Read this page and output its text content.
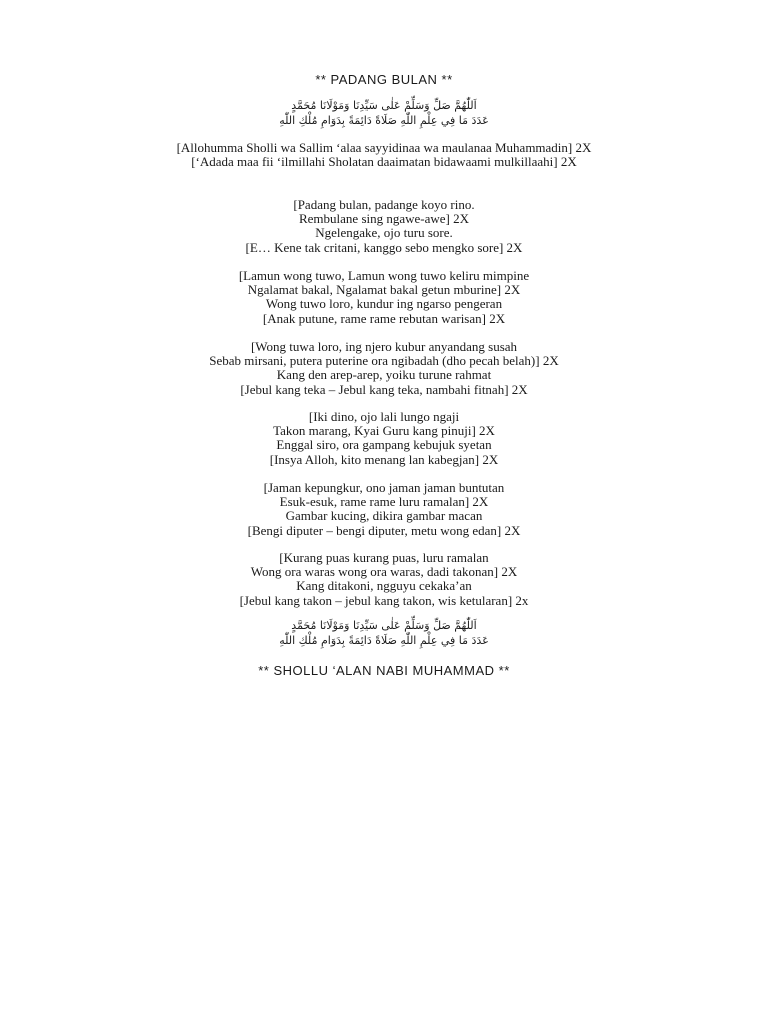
** PADANG BULAN **
اَللّٰهُمَّ صَلِّ وَسَلِّمْ عَلٰى سَيِّدِنَا وَمَوْلَانَا مُحَمَّدٍ
عَدَدَ مَا فِي عِلْمِ اللّٰهِ صَلَاةً دَائِمَةً بِدَوَامِ مُلْكِ اللّٰهِ
[Allohumma Sholli wa Sallim ‘alaa sayyidinaa wa maulanaa Muhammadin] 2X
[‘Adada maa fii ‘ilmillahi Sholatan daaimatan bidawaami mulkillaahi] 2X
[Padang bulan, padange koyo rino.
Rembulane sing ngawe-awe] 2X
Ngelengake, ojo turu sore.
[E… Kene tak critani, kanggo sebo mengko sore] 2X
[Lamun wong tuwo, Lamun wong tuwo keliru mimpine
Ngalamat bakal, Ngalamat bakal getun mburine] 2X
Wong tuwo loro, kundur ing ngarso pengeran
[Anak putune, rame rame rebutan warisan] 2X
[Wong tuwa loro, ing njero kubur anyandang susah
Sebab mirsani, putera puterine ora ngibadah (dho pecah belah)] 2X
Kang den arep-arep, yoiku turune rahmat
[Jebul kang teka – Jebul kang teka, nambahi fitnah] 2X
[Iki dino, ojo lali lungo ngaji
Takon marang, Kyai Guru kang pinuji] 2X
Enggal siro, ora gampang kebujuk syetan
[Insya Alloh, kito menang lan kabegjan] 2X
[Jaman kepungkur, ono jaman jaman buntutan
Esuk-esuk, rame rame luru ramalan] 2X
Gambar kucing, dikira gambar macan
[Bengi diputer – bengi diputer, metu wong edan] 2X
[Kurang puas kurang puas, luru ramalan
Wong ora waras wong ora waras, dadi takonan] 2X
Kang ditakoni, ngguyu cekaka’an
[Jebul kang takon – jebul kang takon, wis ketularan] 2x
اَللّٰهُمَّ صَلِّ وَسَلِّمْ عَلٰى سَيِّدِنَا وَمَوْلَانَا مُحَمَّدٍ
عَدَدَ مَا فِي عِلْمِ اللّٰهِ صَلَاةً دَائِمَةً بِدَوَامِ مُلْكِ اللّٰهِ
** SHOLLU ‘ALAN NABI MUHAMMAD **
